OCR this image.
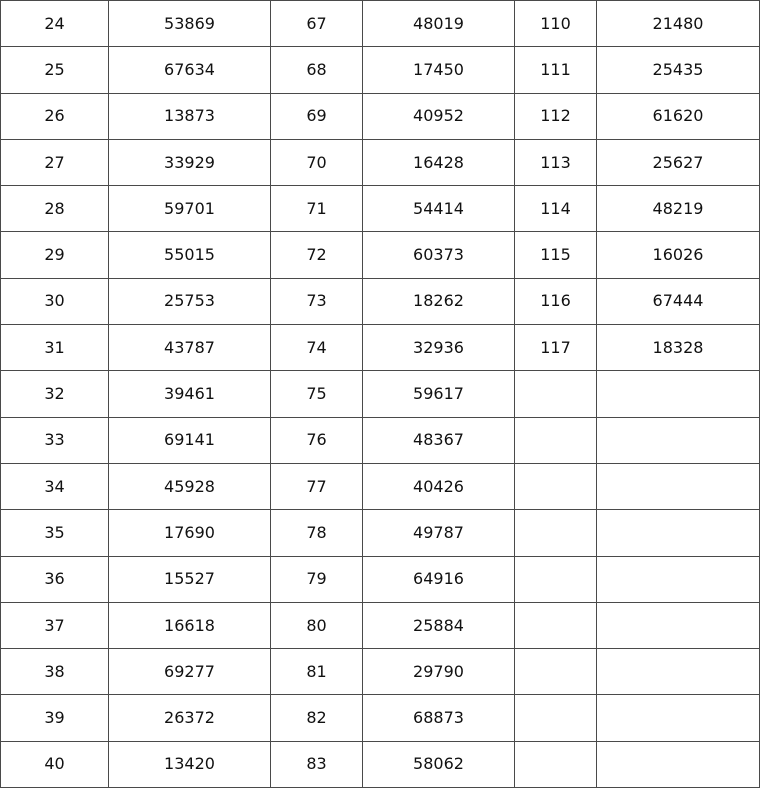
24	53869	67	48019	110	21480
25	67634	68	17450	111	25435
26	13873	69	40952	112	61620
27	33929	70	16428	113	25627
28	59701	71	54414	114	48219
29	55015	72	60373	115	16026
30	25753	73	18262	116	67444
31	43787	74	32936	117	18328
32	39461	75	59617		
33	69141	76	48367		
34	45928	77	40426		
35	17690	78	49787		
36	15527	79	64916		
37	16618	80	25884		
38	69277	81	29790		
39	26372	82	68873		
40	13420	83	58062		
